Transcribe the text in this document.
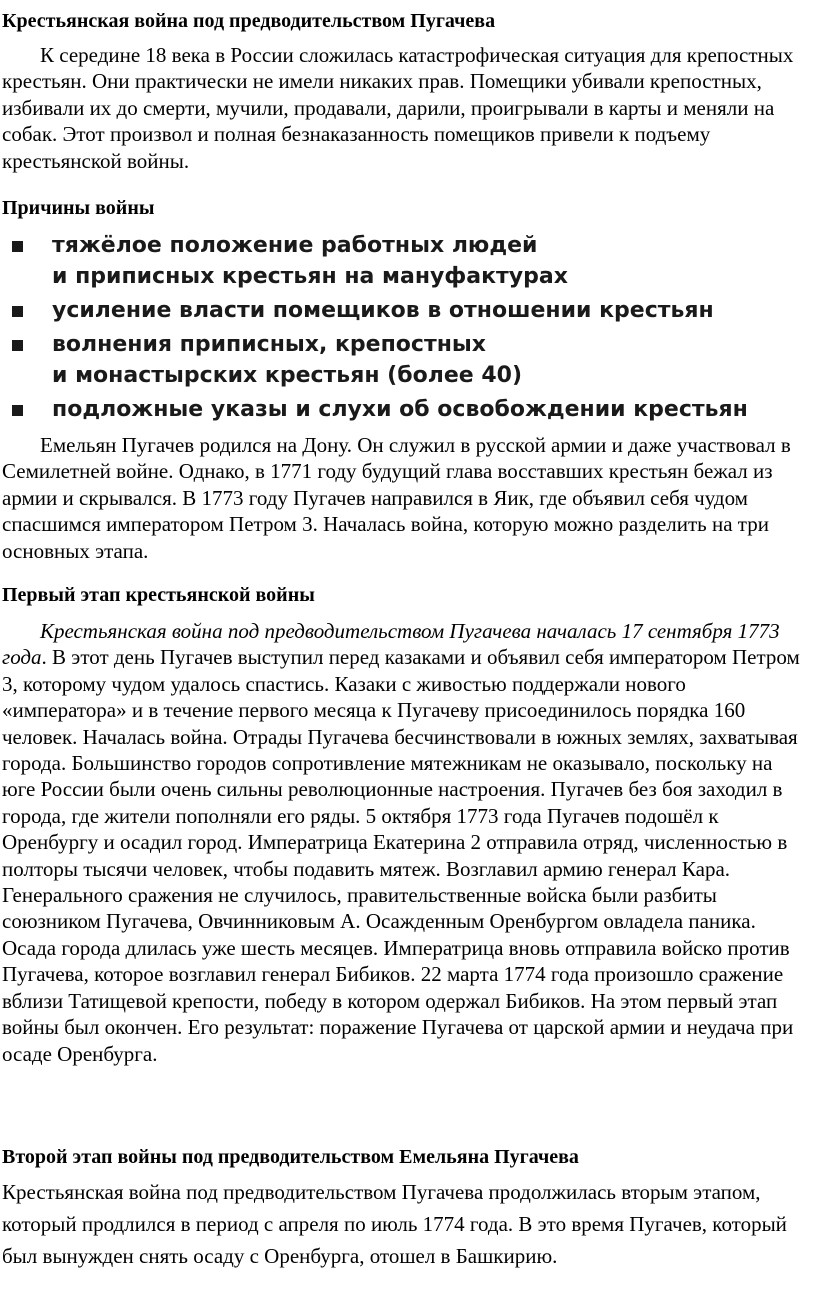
Крестьянская война под предводительством Пугачева

К середине 18 века в России сложилась катастрофическая ситуация для крепостных крестьян. Они практически не имели никаких прав. Помещики убивали крепостных, избивали их до смерти, мучили, продавали, дарили, проигрывали в карты и меняли на собак. Этот произвол и полная безнаказанность помещиков привели к подъему крестьянской войны.

Причины войны
тяжёлое положение работных людей
и приписных крестьян на мануфактурах
усиление власти помещиков в отношении крестьян
волнения приписных, крепостных
и монастырских крестьян (более 40)
подложные указы и слухи об освобождении крестьян

Емельян Пугачев родился на Дону. Он служил в русской армии и даже участвовал в Семилетней войне. Однако, в 1771 году будущий глава восставших крестьян бежал из армии и скрывался. В 1773 году Пугачев направился в Яик, где объявил себя чудом спасшимся императором Петром 3. Началась война, которую можно разделить на три основных этапа.

Первый этап крестьянской войны

Крестьянская война под предводительством Пугачева началась 17 сентября 1773 года. В этот день Пугачев выступил перед казаками и объявил себя императором Петром 3, которому чудом удалось спастись. Казаки с живостью поддержали нового «императора» и в течение первого месяца к Пугачеву присоединилось порядка 160 человек. Началась война. Отрады Пугачева бесчинствовали в южных землях, захватывая города. Большинство городов сопротивление мятежникам не оказывало, поскольку на юге России были очень сильны революционные настроения. Пугачев без боя заходил в города, где жители пополняли его ряды. 5 октября 1773 года Пугачев подошёл к Оренбургу и осадил город. Императрица Екатерина 2 отправила отряд, численностью в полторы тысячи человек, чтобы подавить мятеж. Возглавил армию генерал Кара. Генерального сражения не случилось, правительственные войска были разбиты союзником Пугачева, Овчинниковым А. Осажденным Оренбургом овладела паника. Осада города длилась уже шесть месяцев. Императрица вновь отправила войско против Пугачева, которое возглавил генерал Бибиков. 22 марта 1774 года произошло сражение вблизи Татищевой крепости, победу в котором одержал Бибиков. На этом первый этап войны был окончен. Его результат: поражение Пугачева от царской армии и неудача при осаде Оренбурга.

Второй этап войны под предводительством Емельяна Пугачева

Крестьянская война под предводительством Пугачева продолжилась вторым этапом, который продлился в период с апреля по июль 1774 года. В это время Пугачев, который был вынужден снять осаду с Оренбурга, отошел в Башкирию.
